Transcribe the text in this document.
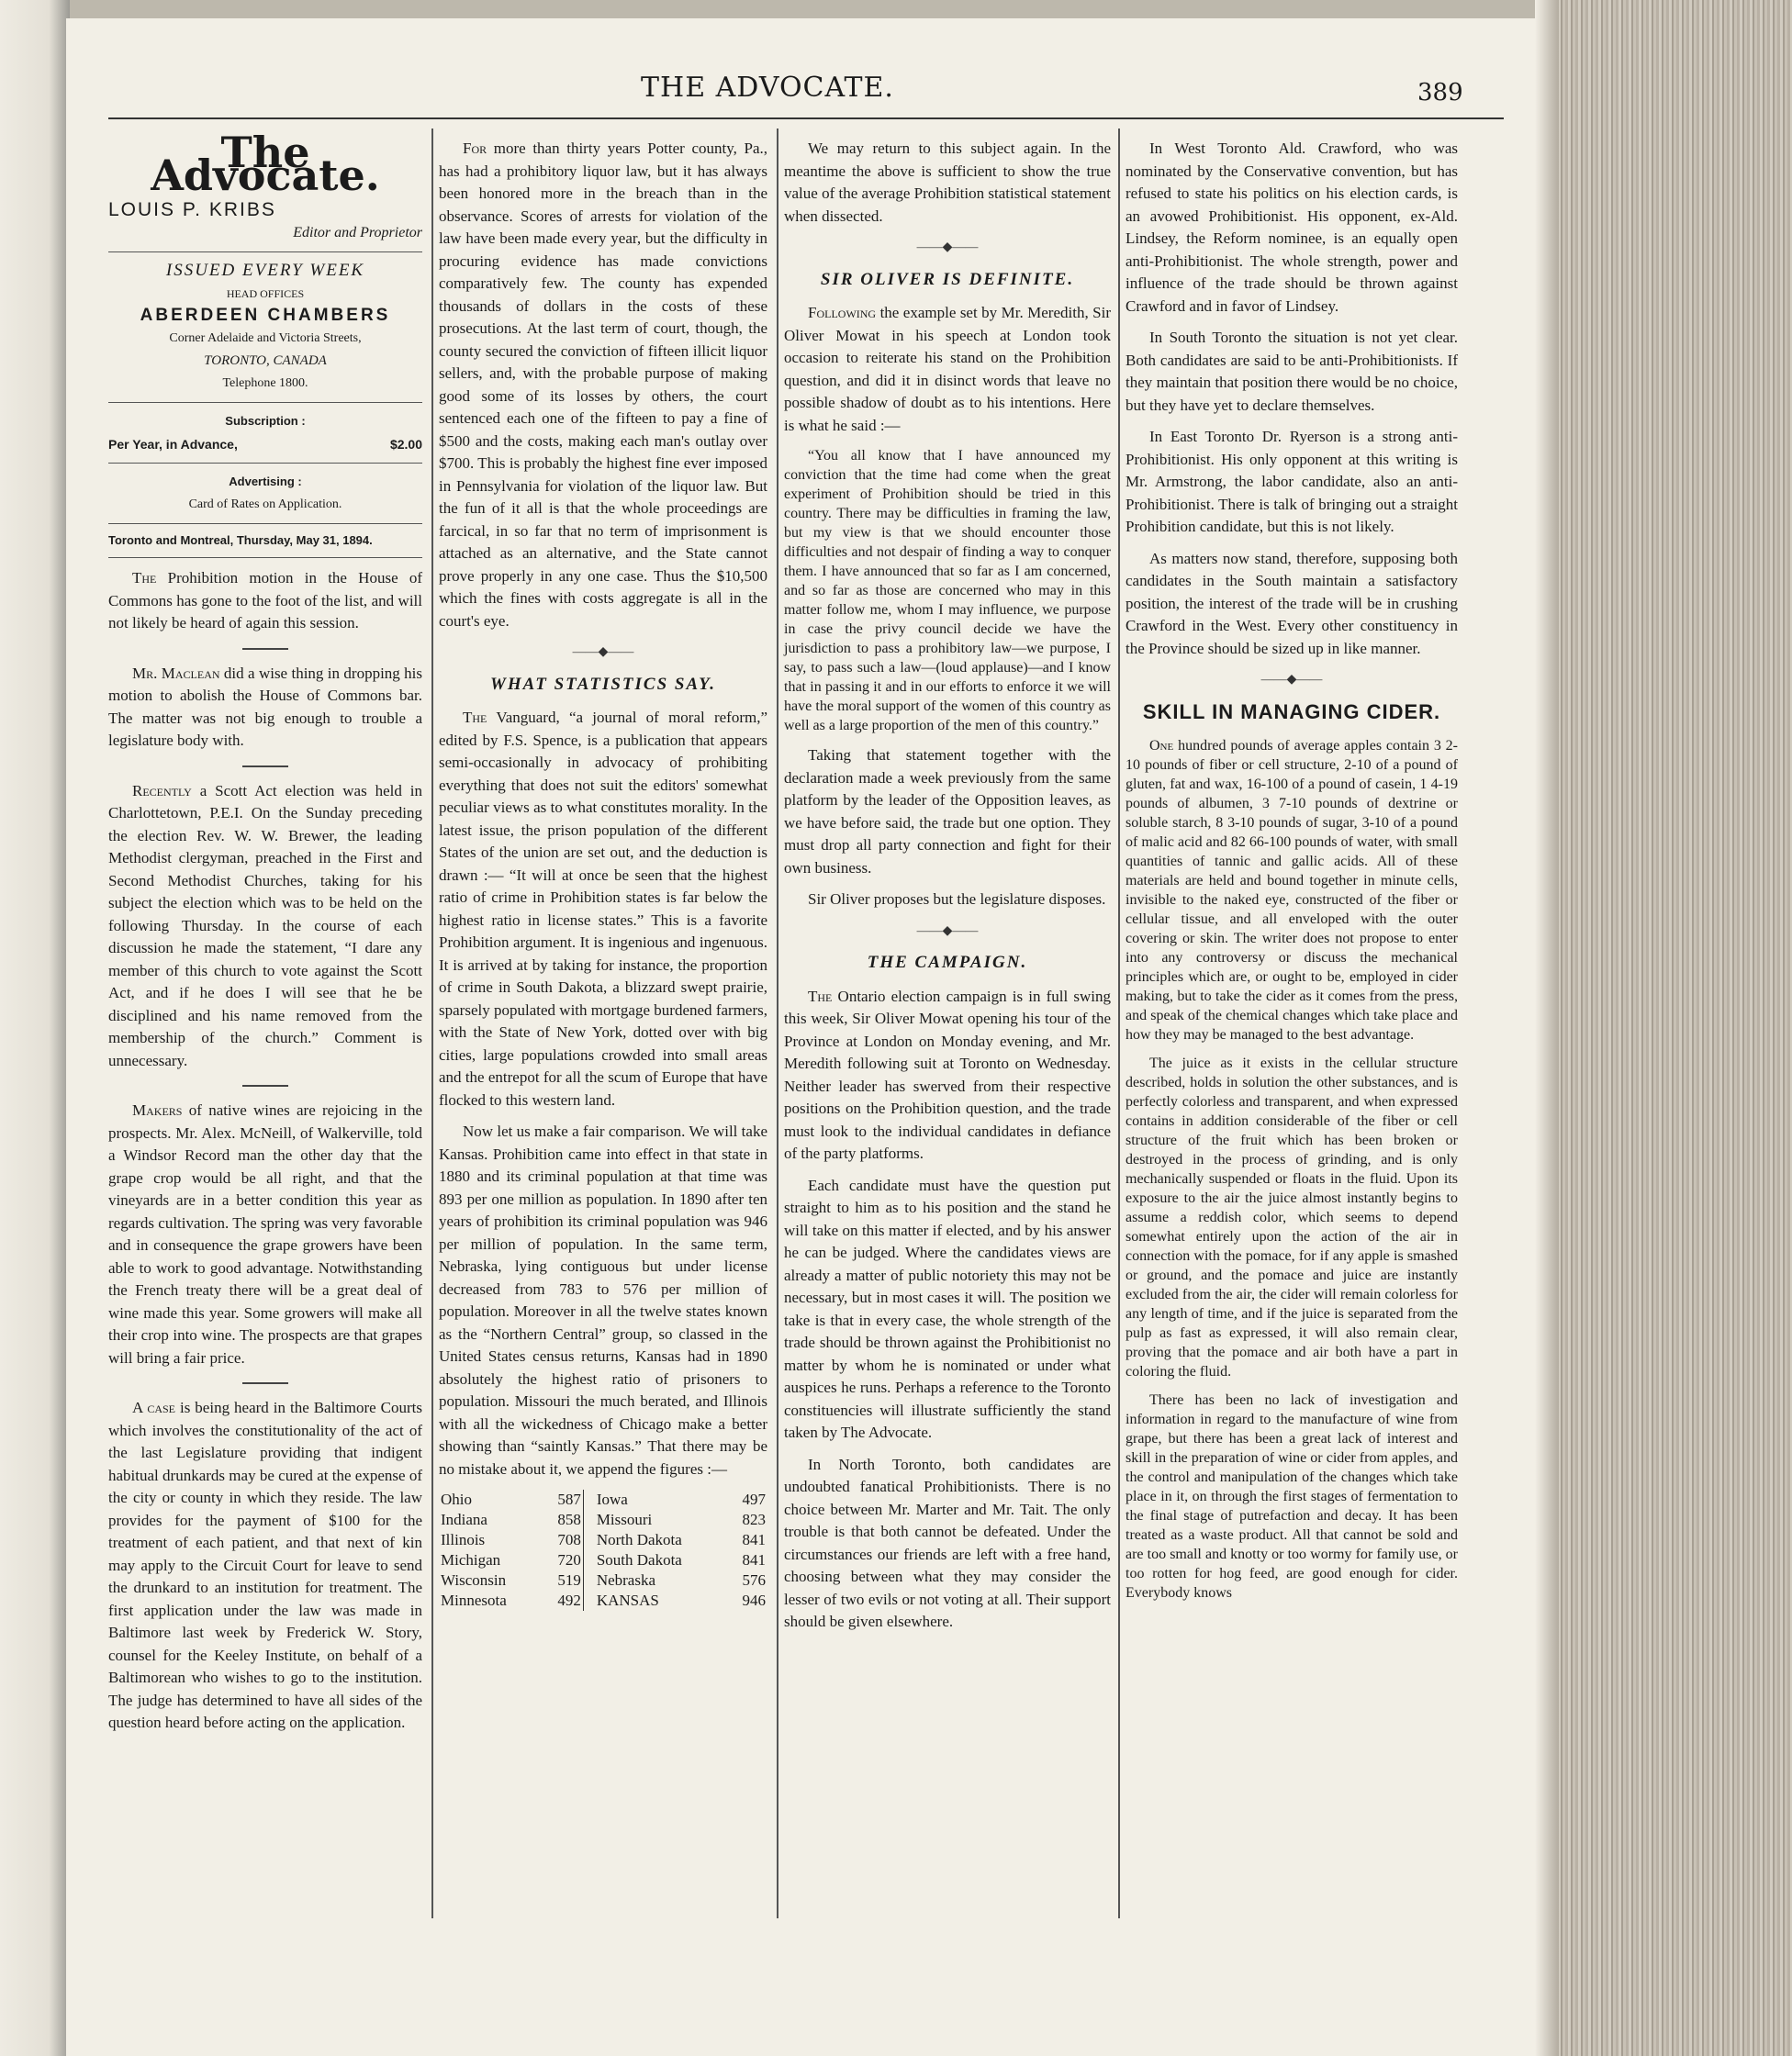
THE ADVOCATE.	389
The Advocate.
LOUIS P. KRIBS
Editor and Proprietor
ISSUED EVERY WEEK
HEAD OFFICES
ABERDEEN CHAMBERS
Corner Adelaide and Victoria Streets,
TORONTO, CANADA
Telephone 1800.
Subscription :
Per Year, in Advance,	$2.00
Advertising :
Card of Rates on Application.
Toronto and Montreal, Thursday, May 31, 1894.

The Prohibition motion in the House of Commons has gone to the foot of the list, and will not likely be heard of again this session.

Mr. Maclean did a wise thing in dropping his motion to abolish the House of Commons bar. The matter was not big enough to trouble a legislature body with.

Recently a Scott Act election was held in Charlottetown, P.E.I. On the Sunday preceding the election Rev. W. W. Brewer, the leading Methodist clergyman, preached in the First and Second Methodist Churches, taking for his subject the election which was to be held on the following Thursday. In the course of each discussion he made the statement, “I dare any member of this church to vote against the Scott Act, and if he does I will see that he be disciplined and his name removed from the membership of the church.” Comment is unnecessary.

Makers of native wines are rejoicing in the prospects. Mr. Alex. McNeill, of Walkerville, told a Windsor Record man the other day that the grape crop would be all right, and that the vineyards are in a better condition this year as regards cultivation. The spring was very favorable and in consequence the grape growers have been able to work to good advantage. Notwithstanding the French treaty there will be a great deal of wine made this year. Some growers will make all their crop into wine. The prospects are that grapes will bring a fair price.

A case is being heard in the Baltimore Courts which involves the constitutionality of the act of the last Legislature providing that indigent habitual drunkards may be cured at the expense of the city or county in which they reside. The law provides for the payment of $100 for the treatment of each patient, and that next of kin may apply to the Circuit Court for leave to send the drunkard to an institution for treatment. The first application under the law was made in Baltimore last week by Frederick W. Story, counsel for the Keeley Institute, on behalf of a Baltimorean who wishes to go to the institution. The judge has determined to have all sides of the question heard before acting on the application.

For more than thirty years Potter county, Pa., has had a prohibitory liquor law, but it has always been honored more in the breach than in the observance. Scores of arrests for violation of the law have been made every year, but the difficulty in procuring evidence has made convictions comparatively few. The county has expended thousands of dollars in the costs of these prosecutions. At the last term of court, though, the county secured the conviction of fifteen illicit liquor sellers, and, with the probable purpose of making good some of its losses by others, the court sentenced each one of the fifteen to pay a fine of $500 and the costs, making each man's outlay over $700. This is probably the highest fine ever imposed in Pennsylvania for violation of the liquor law. But the fun of it all is that the whole proceedings are farcical, in so far that no term of imprisonment is attached as an alternative, and the State cannot prove properly in any one case. Thus the $10,500 which the fines with costs aggregate is all in the court's eye.

——◆——
WHAT STATISTICS SAY.

The Vanguard, “a journal of moral reform,” edited by F.S. Spence, is a publication that appears semi-occasionally in advocacy of prohibiting everything that does not suit the editors' somewhat peculiar views as to what constitutes morality. In the latest issue, the prison population of the different States of the union are set out, and the deduction is drawn :— “It will at once be seen that the highest ratio of crime in Prohibition states is far below the highest ratio in license states.” This is a favorite Prohibition argument. It is ingenious and ingenuous. It is arrived at by taking for instance, the proportion of crime in South Dakota, a blizzard swept prairie, sparsely populated with mortgage burdened farmers, with the State of New York, dotted over with big cities, large populations crowded into small areas and the entrepot for all the scum of Europe that have flocked to this western land.

Now let us make a fair comparison. We will take Kansas. Prohibition came into effect in that state in 1880 and its criminal population at that time was 893 per one million as population. In 1890 after ten years of prohibition its criminal population was 946 per million of population. In the same term, Nebraska, lying contiguous but under license decreased from 783 to 576 per million of population. Moreover in all the twelve states known as the “Northern Central” group, so classed in the United States census returns, Kansas had in 1890 absolutely the highest ratio of prisoners to population. Missouri the much berated, and Illinois with all the wickedness of Chicago make a better showing than “saintly Kansas.” That there may be no mistake about it, we append the figures :—

Ohio	587		Iowa	497
Indiana	858		Missouri	823
Illinois	708		North Dakota	841
Michigan	720		South Dakota	841
Wisconsin	519		Nebraska	576
Minnesota	492		KANSAS	946

We may return to this subject again. In the meantime the above is sufficient to show the true value of the average Prohibition statistical statement when dissected.

——◆——
SIR OLIVER IS DEFINITE.

Following the example set by Mr. Meredith, Sir Oliver Mowat in his speech at London took occasion to reiterate his stand on the Prohibition question, and did it in disinct words that leave no possible shadow of doubt as to his intentions. Here is what he said :—

“You all know that I have announced my conviction that the time had come when the great experiment of Prohibition should be tried in this country. There may be difficulties in framing the law, but my view is that we should encounter those difficulties and not despair of finding a way to conquer them. I have announced that so far as I am concerned, and so far as those are concerned who may in this matter follow me, whom I may influence, we purpose in case the privy council decide we have the jurisdiction to pass a prohibitory law—we purpose, I say, to pass such a law—(loud applause)—and I know that in passing it and in our efforts to enforce it we will have the moral support of the women of this country as well as a large proportion of the men of this country.”

Taking that statement together with the declaration made a week previously from the same platform by the leader of the Opposition leaves, as we have before said, the trade but one option. They must drop all party connection and fight for their own business.

Sir Oliver proposes but the legislature disposes.

——◆——
THE CAMPAIGN.

The Ontario election campaign is in full swing this week, Sir Oliver Mowat opening his tour of the Province at London on Monday evening, and Mr. Meredith following suit at Toronto on Wednesday. Neither leader has swerved from their respective positions on the Prohibition question, and the trade must look to the individual candidates in defiance of the party platforms.

Each candidate must have the question put straight to him as to his position and the stand he will take on this matter if elected, and by his answer he can be judged. Where the candidates views are already a matter of public notoriety this may not be necessary, but in most cases it will. The position we take is that in every case, the whole strength of the trade should be thrown against the Prohibitionist no matter by whom he is nominated or under what auspices he runs. Perhaps a reference to the Toronto constituencies will illustrate sufficiently the stand taken by The Advocate.

In North Toronto, both candidates are undoubted fanatical Prohibitionists. There is no choice between Mr. Marter and Mr. Tait. The only trouble is that both cannot be defeated. Under the circumstances our friends are left with a free hand, choosing between what they may consider the lesser of two evils or not voting at all. Their support should be given elsewhere.

In West Toronto Ald. Crawford, who was nominated by the Conservative convention, but has refused to state his politics on his election cards, is an avowed Prohibitionist. His opponent, ex-Ald. Lindsey, the Reform nominee, is an equally open anti-Prohibitionist. The whole strength, power and influence of the trade should be thrown against Crawford and in favor of Lindsey.

In South Toronto the situation is not yet clear. Both candidates are said to be anti-Prohibitionists. If they maintain that position there would be no choice, but they have yet to declare themselves.

In East Toronto Dr. Ryerson is a strong anti-Prohibitionist. His only opponent at this writing is Mr. Armstrong, the labor candidate, also an anti-Prohibitionist. There is talk of bringing out a straight Prohibition candidate, but this is not likely.

As matters now stand, therefore, supposing both candidates in the South maintain a satisfactory position, the interest of the trade will be in crushing Crawford in the West. Every other constituency in the Province should be sized up in like manner.

——◆——
SKILL IN MANAGING CIDER.

One hundred pounds of average apples contain 3 2-10 pounds of fiber or cell structure, 2-10 of a pound of gluten, fat and wax, 16-100 of a pound of casein, 1 4-19 pounds of albumen, 3 7-10 pounds of dextrine or soluble starch, 8 3-10 pounds of sugar, 3-10 of a pound of malic acid and 82 66-100 pounds of water, with small quantities of tannic and gallic acids. All of these materials are held and bound together in minute cells, invisible to the naked eye, constructed of the fiber or cellular tissue, and all enveloped with the outer covering or skin. The writer does not propose to enter into any controversy or discuss the mechanical principles which are, or ought to be, employed in cider making, but to take the cider as it comes from the press, and speak of the chemical changes which take place and how they may be managed to the best advantage.

The juice as it exists in the cellular structure described, holds in solution the other substances, and is perfectly colorless and transparent, and when expressed contains in addition considerable of the fiber or cell structure of the fruit which has been broken or destroyed in the process of grinding, and is only mechanically suspended or floats in the fluid. Upon its exposure to the air the juice almost instantly begins to assume a reddish color, which seems to depend somewhat entirely upon the action of the air in connection with the pomace, for if any apple is smashed or ground, and the pomace and juice are instantly excluded from the air, the cider will remain colorless for any length of time, and if the juice is separated from the pulp as fast as expressed, it will also remain clear, proving that the pomace and air both have a part in coloring the fluid.

There has been no lack of investigation and information in regard to the manufacture of wine from grape, but there has been a great lack of interest and skill in the preparation of wine or cider from apples, and the control and manipulation of the changes which take place in it, on through the first stages of fermentation to the final stage of putrefaction and decay. It has been treated as a waste product. All that cannot be sold and are too small and knotty or too wormy for family use, or too rotten for hog feed, are good enough for cider. Everybody knows
